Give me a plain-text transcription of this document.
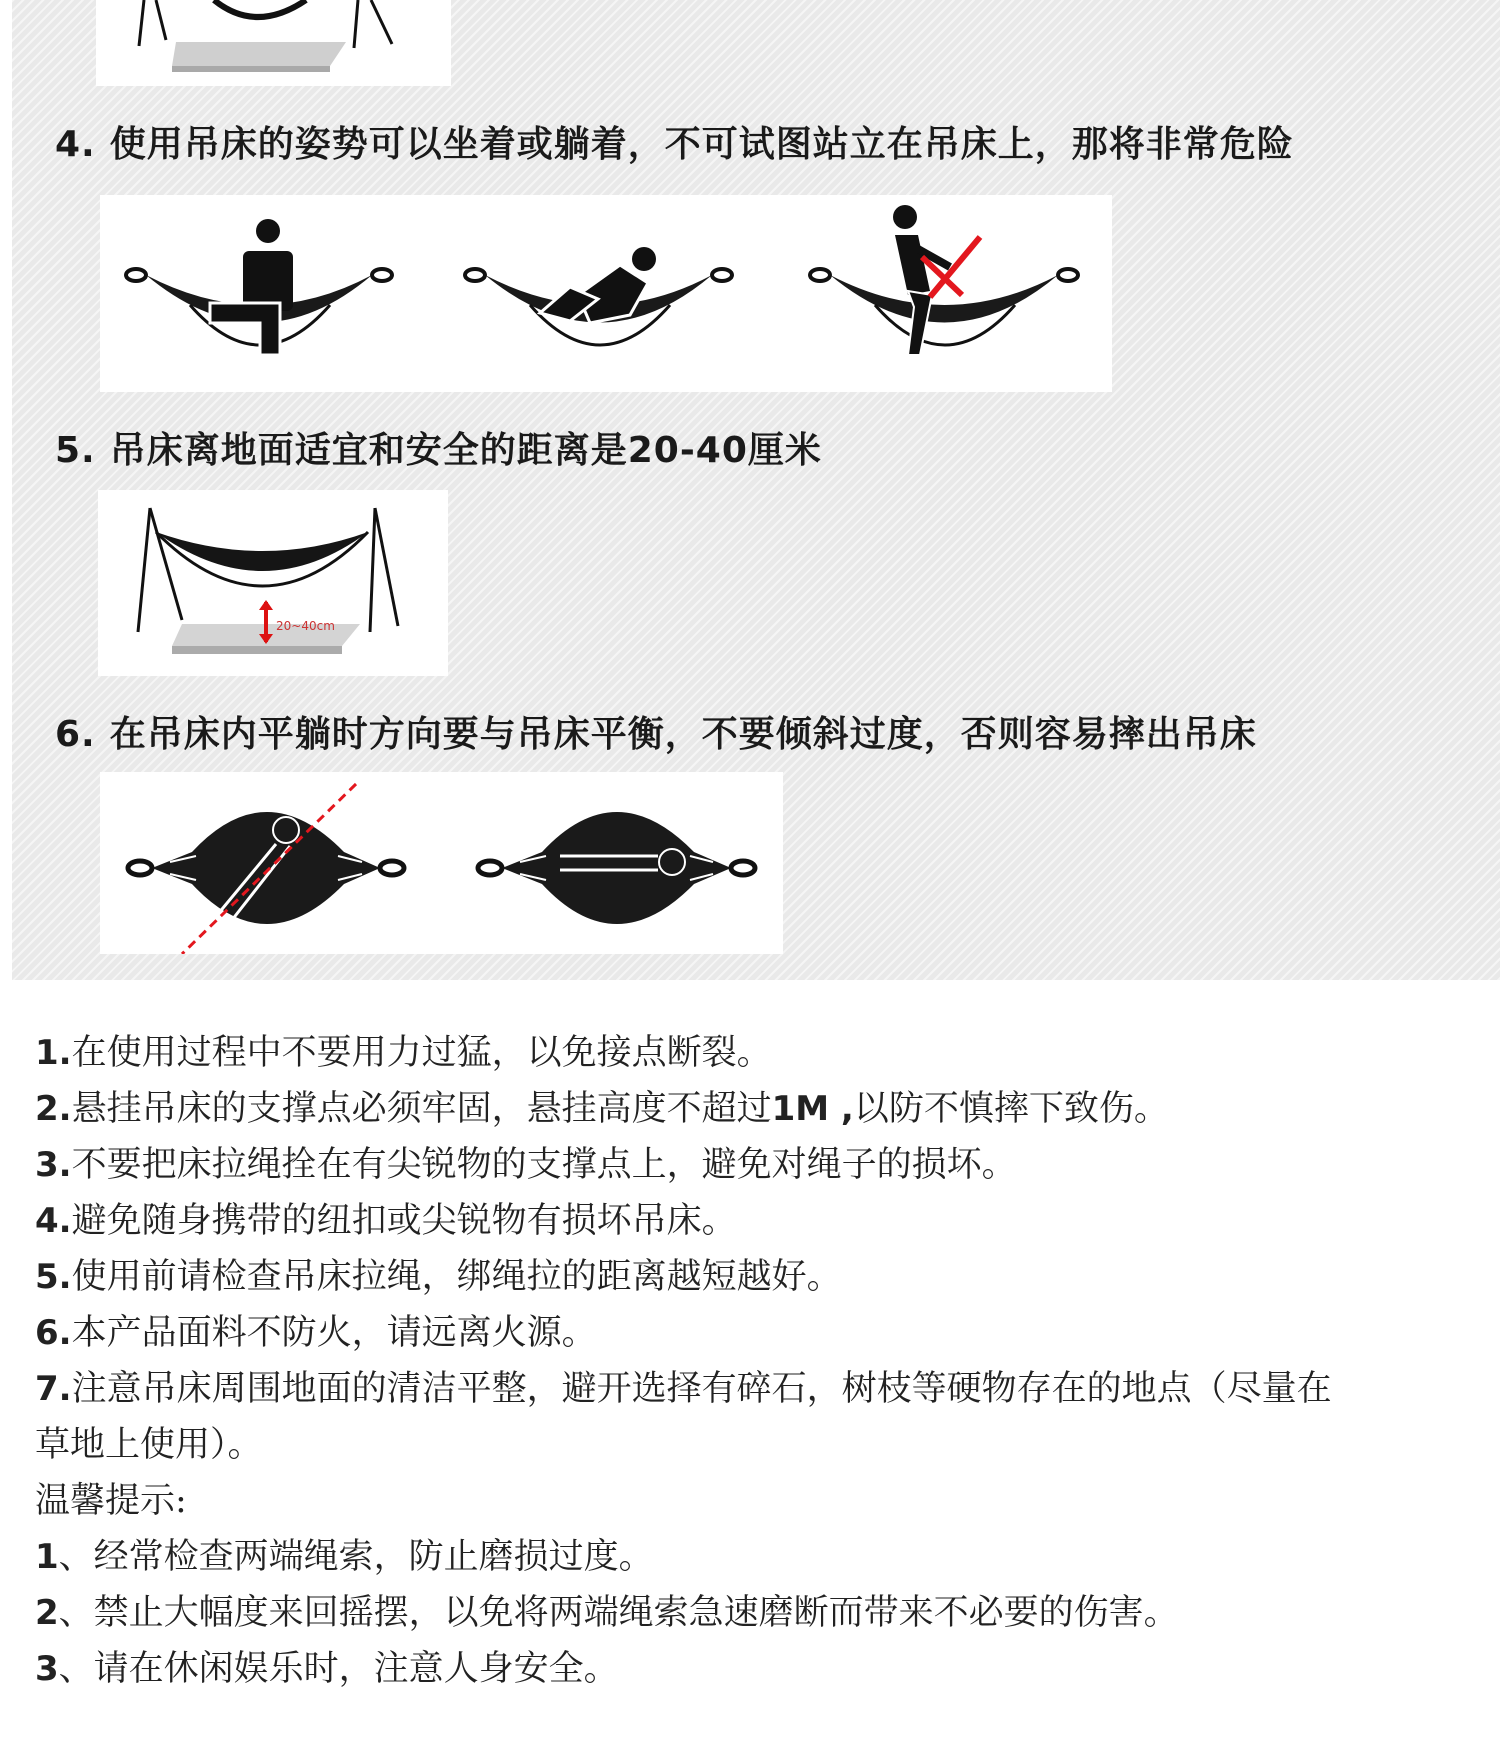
4. 使用吊床的姿势可以坐着或躺着，不可试图站立在吊床上，那将非常危险
5. 吊床离地面适宜和安全的距离是20-40厘米
20~40cm
6. 在吊床内平躺时方向要与吊床平衡，不要倾斜过度，否则容易摔出吊床
1.在使用过程中不要用力过猛，以免接点断裂。
2.悬挂吊床的支撑点必须牢固，悬挂高度不超过1M ,以防不慎摔下致伤。
3.不要把床拉绳拴在有尖锐物的支撑点上，避免对绳子的损坏。
4.避免随身携带的纽扣或尖锐物有损坏吊床。
5.使用前请检查吊床拉绳，绑绳拉的距离越短越好。
6.本产品面料不防火，请远离火源。
7.注意吊床周围地面的清洁平整，避开选择有碎石，树枝等硬物存在的地点（尽量在
草地上使用）。
温馨提示:
1、经常检查两端绳索，防止磨损过度。
2、禁止大幅度来回摇摆，以免将两端绳索急速磨断而带来不必要的伤害。
3、请在休闲娱乐时，注意人身安全。
